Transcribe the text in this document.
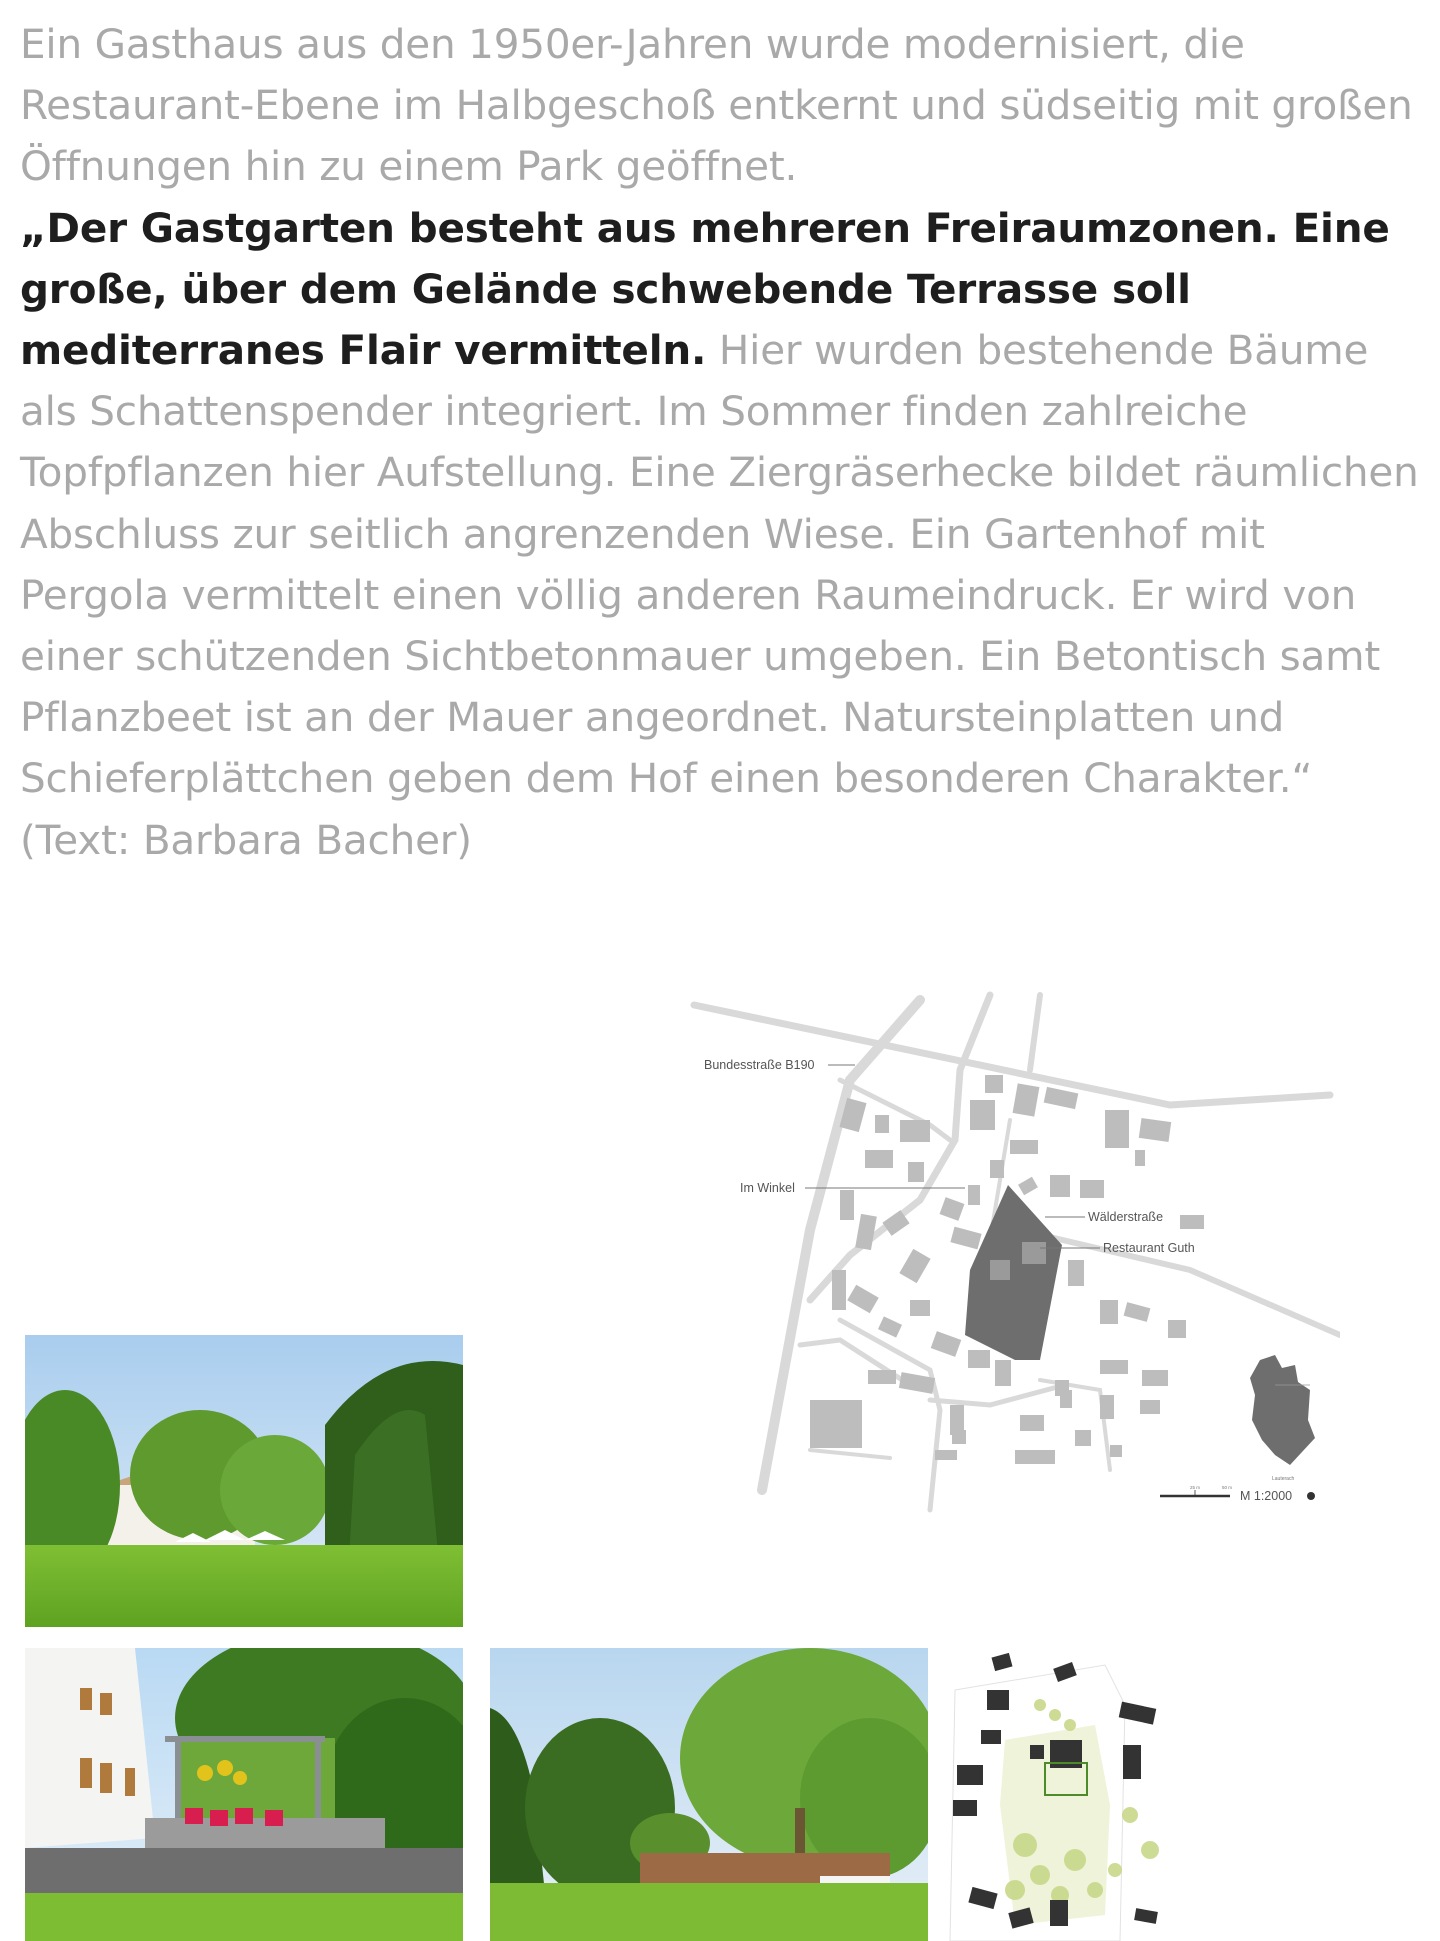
Ein Gasthaus aus den 1950er-Jahren wurde modernisiert, die Restaurant-Ebene im Halbgeschoß entkernt und südseitig mit großen Öffnungen hin zu einem Park geöffnet.

„Der Gastgarten besteht aus mehreren Freiraumzonen. Eine große, über dem Gelände schwebende Terrasse soll mediterranes Flair vermitteln. Hier wurden bestehende Bäume als Schattenspender integriert. Im Sommer finden zahlreiche Topfpflanzen hier Aufstellung. Eine Ziergräserhecke bildet räumlichen Abschluss zur seitlich angrenzenden Wiese. Ein Gartenhof mit Pergola vermittelt einen völlig anderen Raumeindruck. Er wird von einer schützenden Sichtbetonmauer umgeben. Ein Betontisch samt Pflanzbeet ist an der Mauer angeordnet. Natursteinplatten und Schieferplättchen geben dem Hof einen besonderen Charakter.“ (Text: Barbara Bacher)

Bundesstraße B190
Im Winkel
Wälderstraße
Restaurant Guth
Lauterach
25 m	50 m
M 1:2000
